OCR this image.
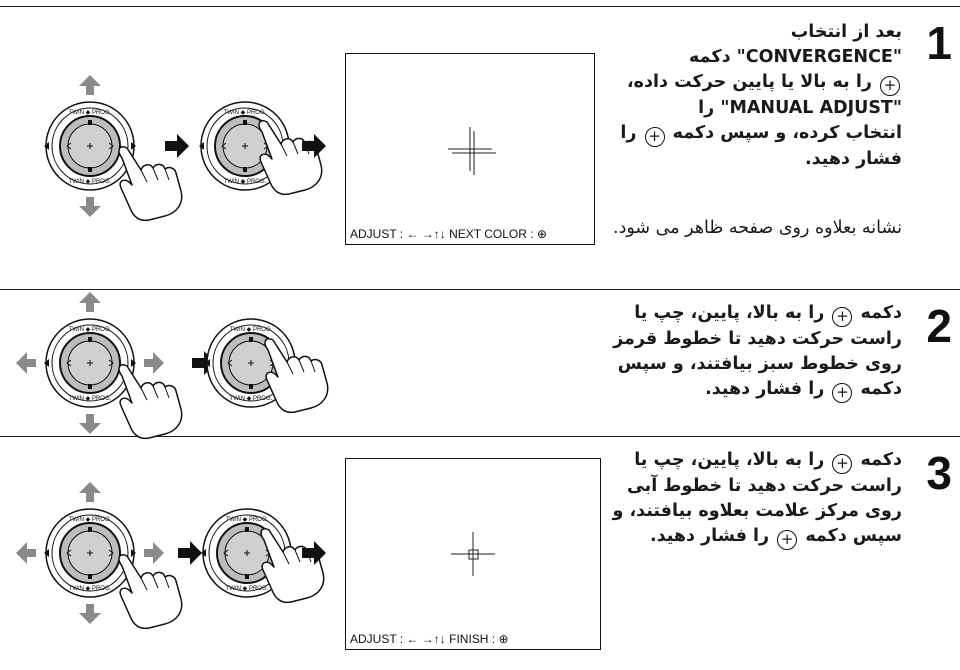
1
بعد از انتخاب
"CONVERGENCE" دکمه
+ را به بالا يا پايين حرکت داده،
"MANUAL ADJUST" را
انتخاب کرده، و سپس دکمه + را
فشار دهيد.
نشانه بعلاوه روی صفحه ظاهر می شود.
ADJUST : ← →↑↓ NEXT COLOR : ⊕
2
دکمه + را به بالا، پايين، چپ يا
راست حرکت دهيد تا خطوط قرمز
روی خطوط سبز بيافتند، و سپس
دکمه + را فشار دهيد.
3
دکمه + را به بالا، پايين، چپ يا
راست حرکت دهيد تا خطوط آبی
روی مرکز علامت بعلاوه بيافتند، و
سپس دکمه + را فشار دهيد.
ADJUST : ← →↑↓ FINISH : ⊕
TWIN ◆ PROG.
TWIN ◆ PROG.
TWIN ◆ PROG.
TWIN ◆ PROG.
TWIN ◆ PROG.
TWIN ◆ PROG.
TWIN ◆ PROG.
TWIN ◆ PROG.
TWIN ◆ PROG.
TWIN ◆ PROG.
TWIN ◆ PROG.
TWIN ◆ PROG.
